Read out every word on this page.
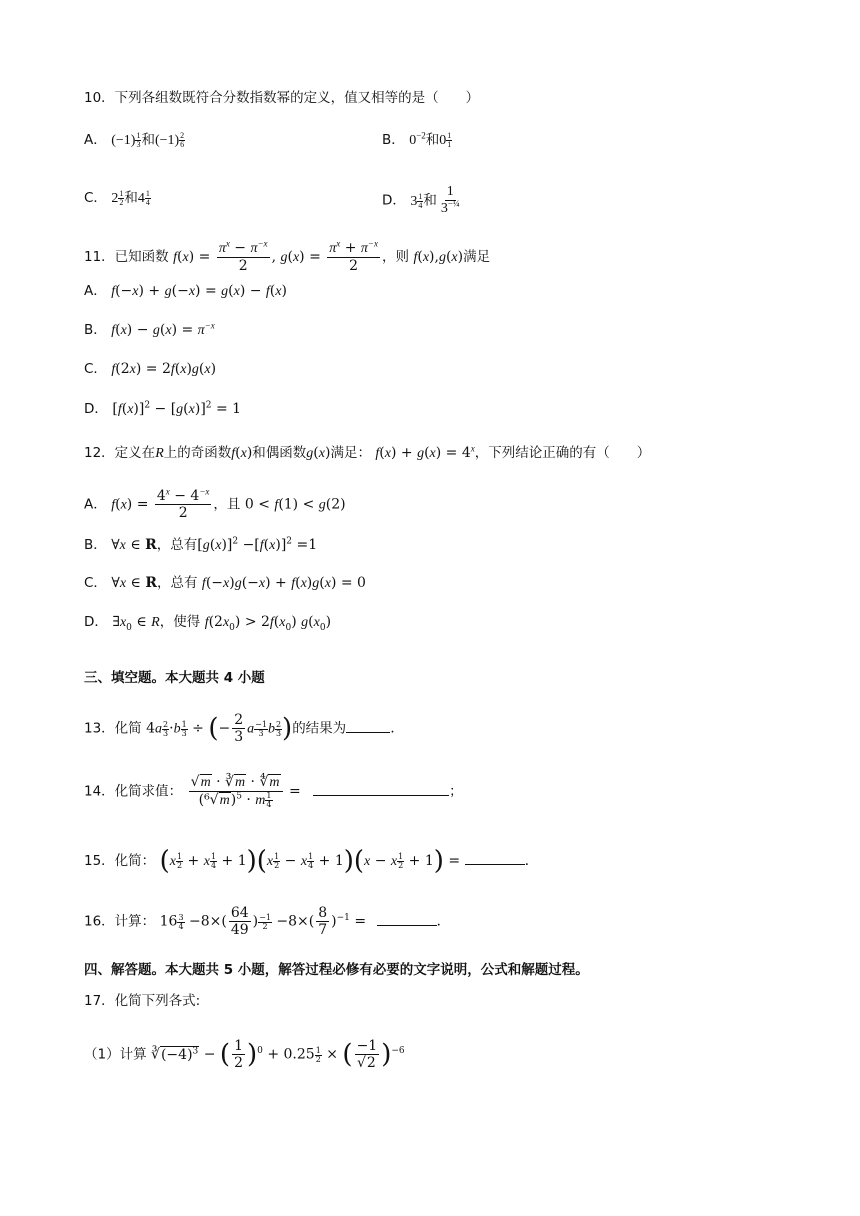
10．下列各组数既符合分数指数幂的定义，值又相等的是（　　）
A． $(-1) \frac{1}{3}$ 和$(-1) \frac{2}{6}$	B． $0^{-2}$和$0 \frac{1}{1}$
C． $2 \frac{1}{2}$ 和$4 \frac{1}{4}$	D． $3 \frac{1}{4}$ 和 $\frac{1}{3^{-\frac{1}{4}}}$
11．已知函数 $f(x) = \frac{\pi^x - \pi^{-x}}{2}$ , $g(x) = \frac{\pi^x + \pi^{-x}}{2}$ ，则 f(x),g(x)满足
A． f(−x) + g(−x) = g(x) − f(x)
B． $f(x) - g(x) = \pi^{-x}$
C． f(2x) = 2f(x)g(x)
D． $[f(x)]^2 - [g(x)]^2 = 1$
12．定义在R上的奇函数f(x)和偶函数g(x)满足： $f(x) + g(x) = 4^x$，下列结论正确的有（　　）
A． $f(x) = \frac{4^x - 4^{-x}}{2}$ ，且 0 < f(1) < g(2)
B． ∀x ∈ R，总有$[g(x)]^2 -[f(x)]^2 =1$
C． ∀x ∈ R，总有 f(−x)g(−x) + f(x)g(x) = 0
D． $\exists x_0$ ∈ R，使得 $f(2x_0) > 2f(x_0)$ $g(x_0)$
三、填空题。本大题共 4 小题
13．化简 $4a \frac{2}{3} \cdot b \frac{1}{3}$ ÷ (− $\frac{2}{3}$ a $\frac{-1}{3}$ b $\frac{2}{3}$ )的结果为	.
14．化简求值： $\frac{√m \cdot ∛m \cdot ∜m}{(^6√m)^5 \cdot m \frac{1}{4}}$ =	；
15．化简： $(x \frac{1}{2} + x \frac{1}{4} + 1)(x \frac{1}{2} - x \frac{1}{4} + 1)(x - x \frac{1}{2} + 1)$ =	.
16．计算： $16 \frac{3}{4} -8\times( \frac{64}{49}$ ) $\frac{-1}{2} -8\times( \frac{8}{7} )^{-1}$ =	.
四、解答题。本大题共 5 小题，解答过程必修有必要的文字说明，公式和解题过程。
17．化简下列各式:
（1）计算 $∛(-4)^3$ − ( $\frac{1}{2} )^0 + 0.25 \frac{1}{2}$ × ( $\frac{-1}{√2} )^{-6}$
